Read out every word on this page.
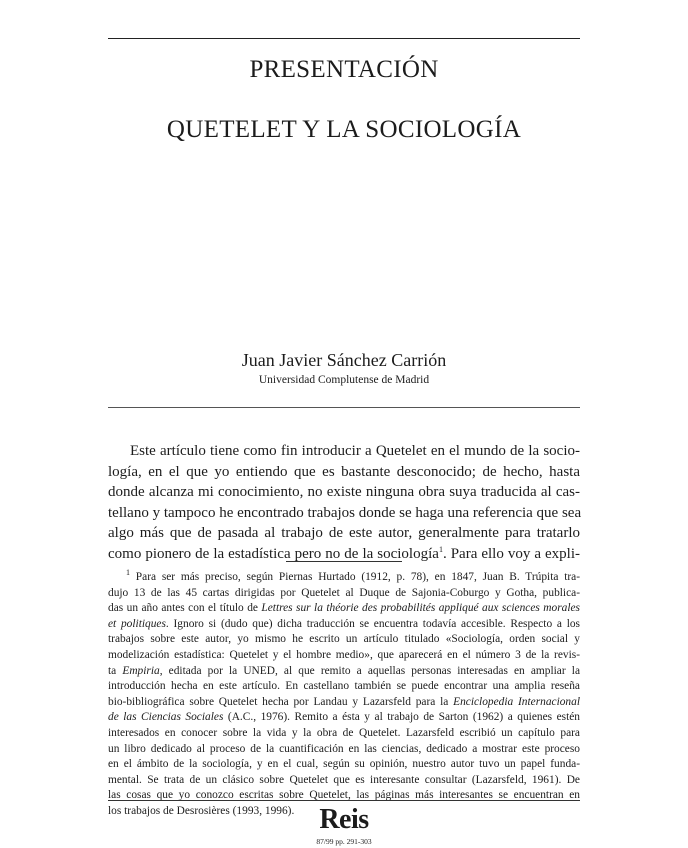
PRESENTACIÓN
QUETELET Y LA SOCIOLOGÍA
Juan Javier Sánchez Carrión
Universidad Complutense de Madrid
Este artículo tiene como fin introducir a Quetelet en el mundo de la socio-
logía, en el que yo entiendo que es bastante desconocido; de hecho, hasta
donde alcanza mi conocimiento, no existe ninguna obra suya traducida al cas-
tellano y tampoco he encontrado trabajos donde se haga una referencia que sea
algo más que de pasada al trabajo de este autor, generalmente para tratarlo
como pionero de la estadística pero no de la sociología$^1$. Para ello voy a expli-
$^1$ Para ser más preciso, según Piernas Hurtado (1912, p. 78), en 1847, Juan B. Trúpita tra-
dujo 13 de las 45 cartas dirigidas por Quetelet al Duque de Sajonia-Coburgo y Gotha, publica-
das un año antes con el título de Lettres sur la théorie des probabilités appliqué aux sciences morales
et politiques. Ignoro si (dudo que) dicha traducción se encuentra todavía accesible. Respecto a los
trabajos sobre este autor, yo mismo he escrito un artículo titulado «Sociología, orden social y
modelización estadística: Quetelet y el hombre medio», que aparecerá en el número 3 de la revis-
ta Empiria, editada por la UNED, al que remito a aquellas personas interesadas en ampliar la
introducción hecha en este artículo. En castellano también se puede encontrar una amplia reseña
bio-bibliográfica sobre Quetelet hecha por Landau y Lazarsfeld para la Enciclopedia Internacional
de las Ciencias Sociales (A.C., 1976). Remito a ésta y al trabajo de Sarton (1962) a quienes estén
interesados en conocer sobre la vida y la obra de Quetelet. Lazarsfeld escribió un capítulo para
un libro dedicado al proceso de la cuantificación en las ciencias, dedicado a mostrar este proceso
en el ámbito de la sociología, y en el cual, según su opinión, nuestro autor tuvo un papel funda-
mental. Se trata de un clásico sobre Quetelet que es interesante consultar (Lazarsfeld, 1961). De
las cosas que yo conozco escritas sobre Quetelet, las páginas más interesantes se encuentran en
los trabajos de Desrosières (1993, 1996). Reis
87/99 pp. 291-303
